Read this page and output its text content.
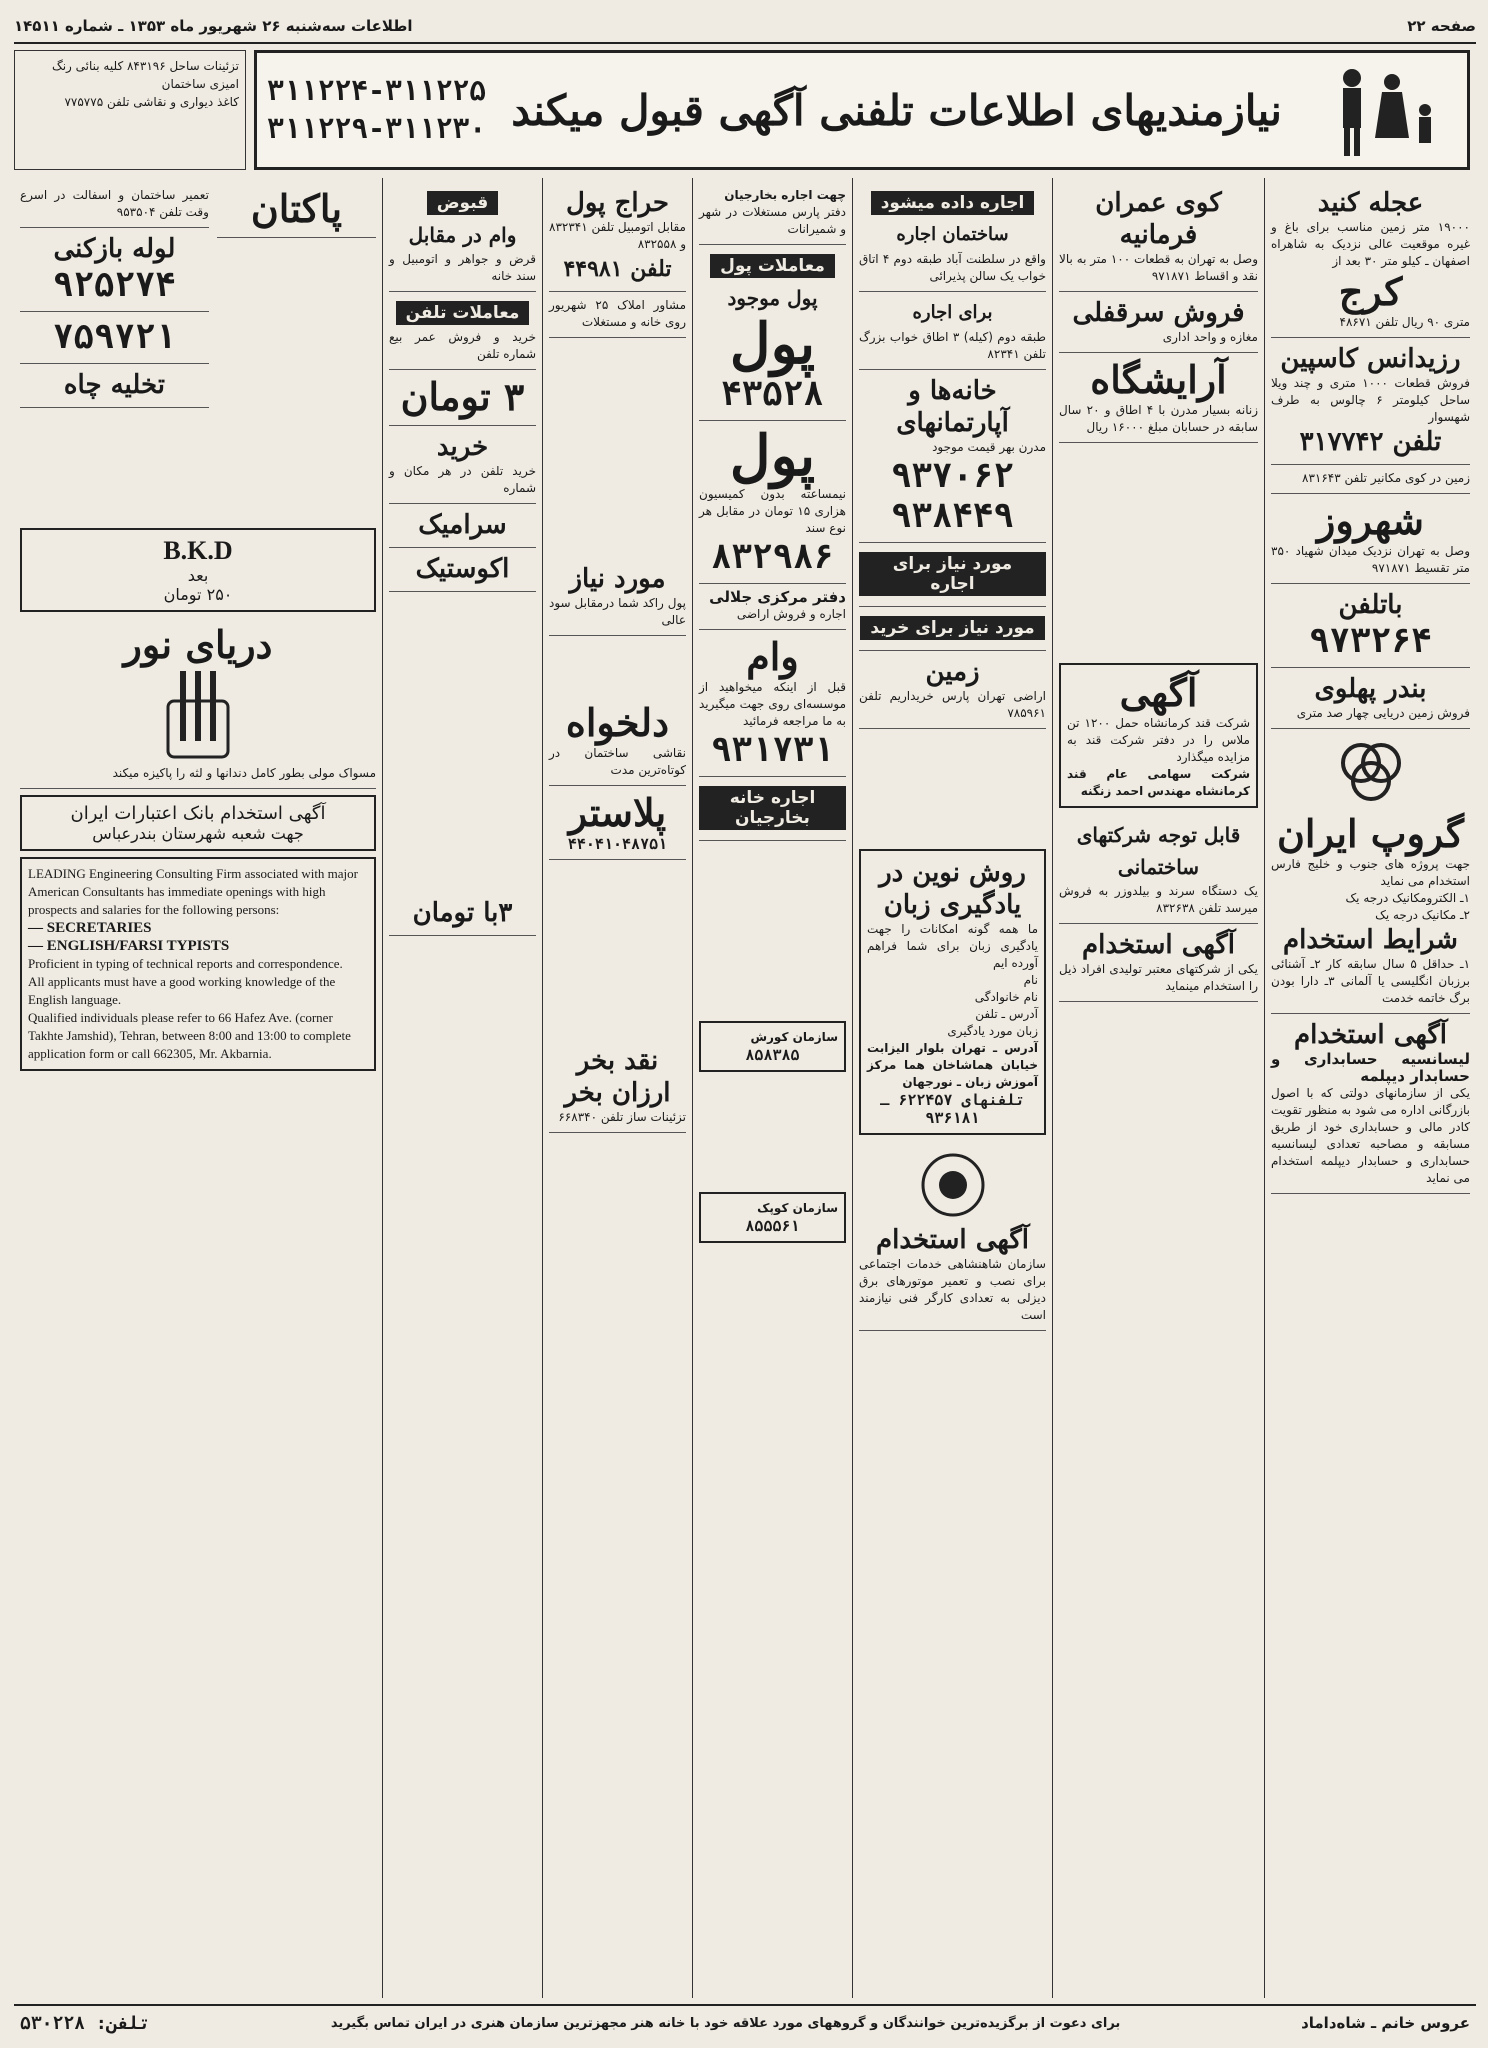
صفحه ۲۲
اطلاعات سه‌شنبه ۲۶ شهریور ماه ۱۳۵۳ ـ شماره ۱۴۵۱۱
نیازمندیهای اطلاعات تلفنی آگهی قبول میکند
۳۱۱۲۲۴-۳۱۱۲۲۵
۳۱۱۲۲۹-۳۱۱۲۳۰
تزئینات ساحل ۸۴۳۱۹۶ کلیه بنائی رنگ امیزی ساختمان
کاغذ دیواری و نقاشی تلفن ۷۷۵۷۷۵
عجله کنید
۱۹۰۰۰ متر زمین مناسب برای باغ و غیره موقعیت عالی نزدیک به شاهراه اصفهان ـ کیلو متر ۳۰ بعد از
کرج
متری ۹۰ ریال تلفن ۴۸۶۷۱
رزیدانس کاسپین
فروش قطعات ۱۰۰۰ متری و چند ویلا ساحل کیلومتر ۶ چالوس به طرف شهسوار
تلفن ۳۱۷۷۴۲
زمین در کوی مکانیر تلفن ۸۳۱۶۴۳
شهروز
وصل به تهران نزدیک میدان شهیاد ۳۵۰ متر تقسیط ۹۷۱۸۷۱
باتلفن
۹۷۳۲۶۴
بندر پهلوی
فروش زمین دریایی چهار صد متری
گروپ ایران
جهت پروژه های جنوب و خلیج فارس استخدام می نماید
۱ـ الکترومکانیک درجه یک
۲ـ مکانیک درجه یک
شرایط استخدام
۱ـ حداقل ۵ سال سابقه کار ۲ـ آشنائی برزبان انگلیسی یا آلمانی ۳ـ دارا بودن برگ خاتمه خدمت
آگهی استخدام
لیسانسیه حسابداری و حسابدار دیپلمه
یکی از سازمانهای دولتی که با اصول بازرگانی اداره می شود به منظور تقویت کادر مالی و حسابداری خود از طریق مسابقه و مصاحبه تعدادی لیسانسیه حسابداری و حسابدار دیپلمه استخدام می نماید
کوی عمران فرمانیه
وصل به تهران به قطعات ۱۰۰ متر به بالا نقد و اقساط ۹۷۱۸۷۱
فروش سرقفلی
مغازه و واحد اداری
آرایشگاه
زنانه بسیار مدرن با ۴ اطاق و ۲۰ سال سابقه در حسابان مبلغ ۱۶۰۰۰ ریال
آگهی
شرکت قند کرمانشاه حمل ۱۲۰۰ تن ملاس را در دفتر شرکت قند به مزایده میگذارد
شرکت سهامی عام قند کرمانشاه مهندس احمد زنگنه
قابل توجه شرکتهای ساختمانی
یک دستگاه سرند و بیلدوزر به فروش میرسد تلفن ۸۳۲۶۳۸
آگهی استخدام
یکی از شرکتهای معتبر تولیدی افراد ذیل را استخدام مینماید
اجاره داده میشود
ساختمان اجاره
واقع در سلطنت آباد طبقه دوم ۴ اتاق خواب یک سالن پذیرائی
برای اجاره
طبقه دوم (کیله) ۳ اطاق خواب بزرگ تلفن ۸۲۳۴۱
خانه‌ها و آپارتمانهای
مدرن بهر قیمت موجود
۹۳۷۰۶۲
۹۳۸۴۴۹
مورد نیاز برای اجاره
مورد نیاز برای خرید
زمین
اراضی تهران پارس خریداریم تلفن ۷۸۵۹۶۱
روش نوین در یادگیری زبان
ما همه گونه امکانات را جهت یادگیری زبان برای شما فراهم آورده ایم
نام
نام خانوادگی
آدرس ـ تلفن
زبان مورد یادگیری
آدرس ـ تهران بلوار الیزابت خیابان هماشاخان هما مرکز آموزش زبان ـ نورجهان
تلفنهای ۶۲۲۴۵۷ ـ ۹۳۶۱۸۱
آگهی استخدام
سازمان شاهنشاهی خدمات اجتماعی برای نصب و تعمیر موتورهای برق دیزلی به تعدادی کارگر فنی نیازمند است
چهت اجاره بخارجیان
دفتر پارس مستغلات در شهر و شمیرانات
معاملات پول
پول موجود
پول
۴۳۵۲۸
پول
نیمساعته بدون کمیسیون هزاری ۱۵ تومان در مقابل هر نوع سند
۸۳۲۹۸۶
دفتر مرکزی جلالی
اجاره و فروش اراضی
وام
قبل از اینکه میخواهید از موسسه‌ای روی جهت میگیرید به ما مراجعه فرمائید
۹۳۱۷۳۱
اجاره خانه بخارجیان
سازمان کورش
۸۵۸۳۸۵
سازمان کوپک
۸۵۵۵۶۱
حراج پول
مقابل اتومبیل تلفن ۸۳۲۳۴۱ و ۸۳۲۵۵۸
تلفن ۴۴۹۸۱
مشاور املاک ۲۵ شهریور روی خانه و مستغلات
مورد نیاز
پول راکد شما درمقابل سود عالی
دلخواه
نقاشی ساختمان در کوتاه‌ترین مدت
پلاستر
۴۴۰۴۱۰۴۸۷۵۱
نقد بخر ارزان بخر
تزئینات ساز تلفن ۶۶۸۳۴۰
قبوض
وام در مقابل
قرض و جواهر و اتومبیل و سند خانه
معاملات تلفن
خرید و فروش عمر بیع شماره تلفن
۳ تومان
خرید
خرید تلفن در هر مکان و شماره
سرامیک
اکوستیک
۳با تومان
تعمیر ساختمان و اسفالت در اسرع وقت تلفن ۹۵۳۵۰۴
لوله بازکنی
۹۲۵۲۷۴
۷۵۹۷۲۱
تخلیه چاه
پاکتان
B.K.D
بعد
۲۵۰ تومان
دریای نور
مسواک مولی بطور کامل دندانها و لثه را پاکیزه میکند
آگهی استخدام بانک اعتبارات ایران
جهت شعبه شهرستان بندرعباس
LEADING Engineering Consulting Firm associated with major American Consultants has immediate openings with high prospects and salaries for the following persons:
— SECRETARIES
— ENGLISH/FARSI TYPISTS
Proficient in typing of technical reports and correspondence.
All applicants must have a good working knowledge of the English language.
Qualified individuals please refer to 66 Hafez Ave. (corner Takhte Jamshid), Tehran, between 8:00 and 13:00 to complete application form or call 662305, Mr. Akbarnia.
عروس خانم ـ شاه‌داماد
برای دعوت از برگزیده‌ترین خوانندگان و گروههای مورد علاقه خود با خانه هنر مجهزترین سازمان هنری در ایران تماس بگیرید
تلفن: ۵۳۰۲۲۸
